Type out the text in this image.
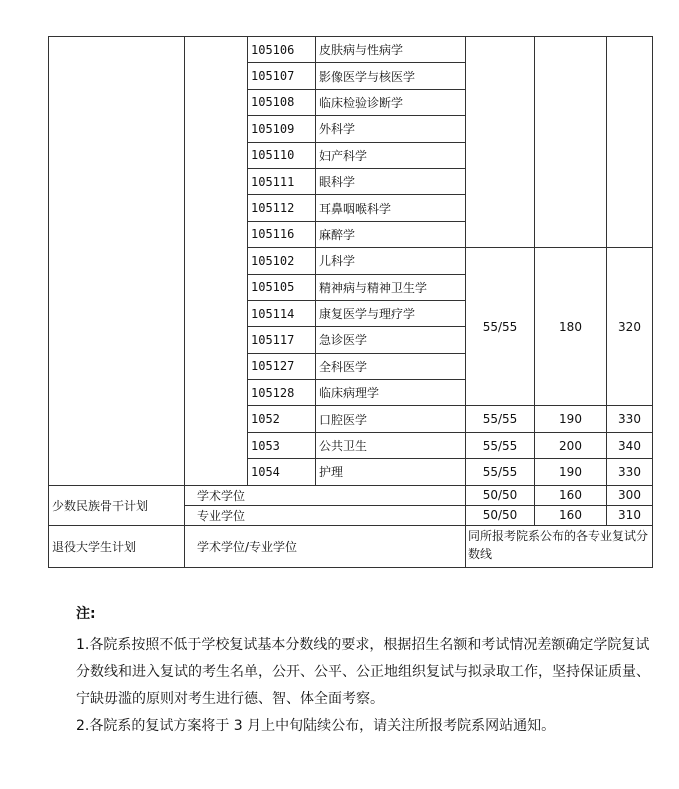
		105106	皮肤病与性病学			
		105107	影像医学与核医学			
		105108	临床检验诊断学			
		105109	外科学			
		105110	妇产科学			
		105111	眼科学			
		105112	耳鼻咽喉科学			
		105116	麻醉学			
		105102	儿科学	55/55	180	320
		105105	精神病与精神卫生学			
		105114	康复医学与理疗学			
		105117	急诊医学			
		105127	全科医学			
		105128	临床病理学			
		1052	口腔医学	55/55	190	330
		1053	公共卫生	55/55	200	340
		1054	护理	55/55	190	330
少数民族骨干计划	学术学位			50/50	160	300
	专业学位			50/50	160	310
退役大学生计划	学术学位/专业学位			同所报考院系公布的各专业复试分数线		
注:

1.各院系按照不低于学校复试基本分数线的要求，根据招生名额和考试情况差额确定学院复试分数线和进入复试的考生名单，公开、公平、公正地组织复试与拟录取工作，坚持保证质量、宁缺毋滥的原则对考生进行德、智、体全面考察。

2.各院系的复试方案将于 3 月上中旬陆续公布，请关注所报考院系网站通知。
